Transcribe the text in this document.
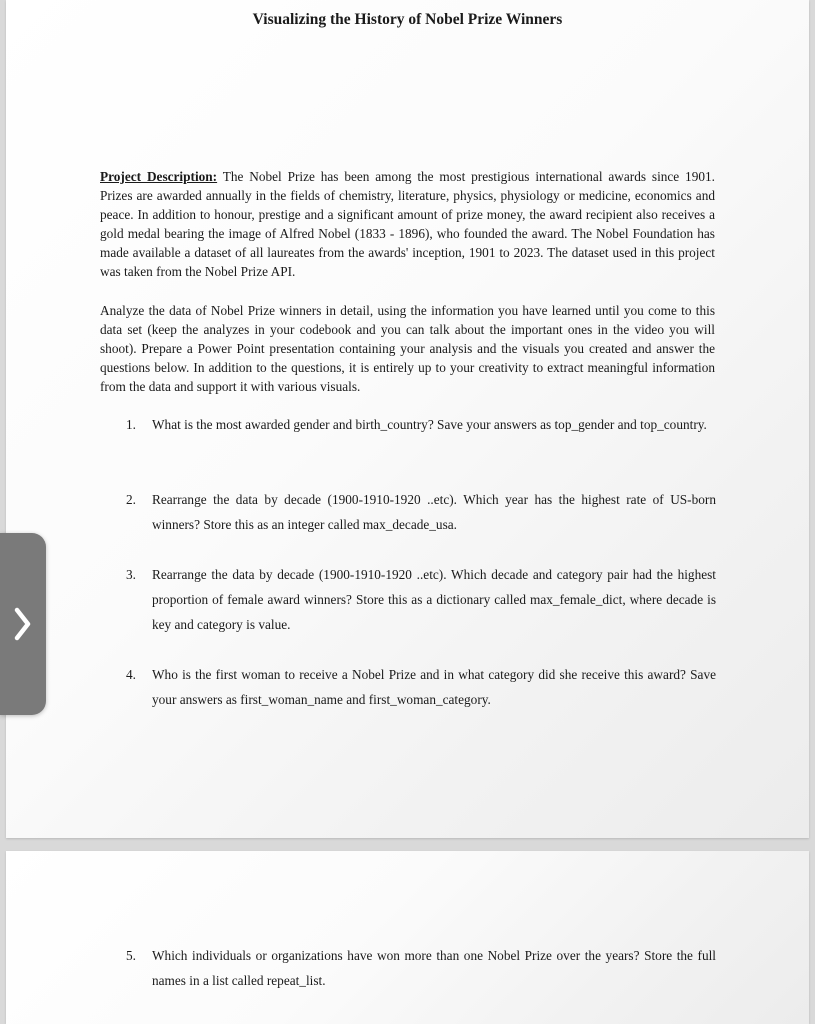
Visualizing the History of Nobel Prize Winners
Project Description: The Nobel Prize has been among the most prestigious international awards since 1901. Prizes are awarded annually in the fields of chemistry, literature, physics, physiology or medicine, economics and peace. In addition to honour, prestige and a significant amount of prize money, the award recipient also receives a gold medal bearing the image of Alfred Nobel (1833 - 1896), who founded the award. The Nobel Foundation has made available a dataset of all laureates from the awards' inception, 1901 to 2023. The dataset used in this project was taken from the Nobel Prize API.
Analyze the data of Nobel Prize winners in detail, using the information you have learned until you come to this data set (keep the analyzes in your codebook and you can talk about the important ones in the video you will shoot). Prepare a Power Point presentation containing your analysis and the visuals you created and answer the questions below. In addition to the questions, it is entirely up to your creativity to extract meaningful information from the data and support it with various visuals.
1.	What is the most awarded gender and birth_country? Save your answers as top_gender and top_country.
2.	Rearrange the data by decade (1900-1910-1920 ..etc). Which year has the highest rate of US-born winners? Store this as an integer called max_decade_usa.
3.	Rearrange the data by decade (1900-1910-1920 ..etc). Which decade and category pair had the highest proportion of female award winners? Store this as a dictionary called max_female_dict, where decade is key and category is value.
4.	Who is the first woman to receive a Nobel Prize and in what category did she receive this award? Save your answers as first_woman_name and first_woman_category.
5.	Which individuals or organizations have won more than one Nobel Prize over the years? Store the full names in a list called repeat_list.
